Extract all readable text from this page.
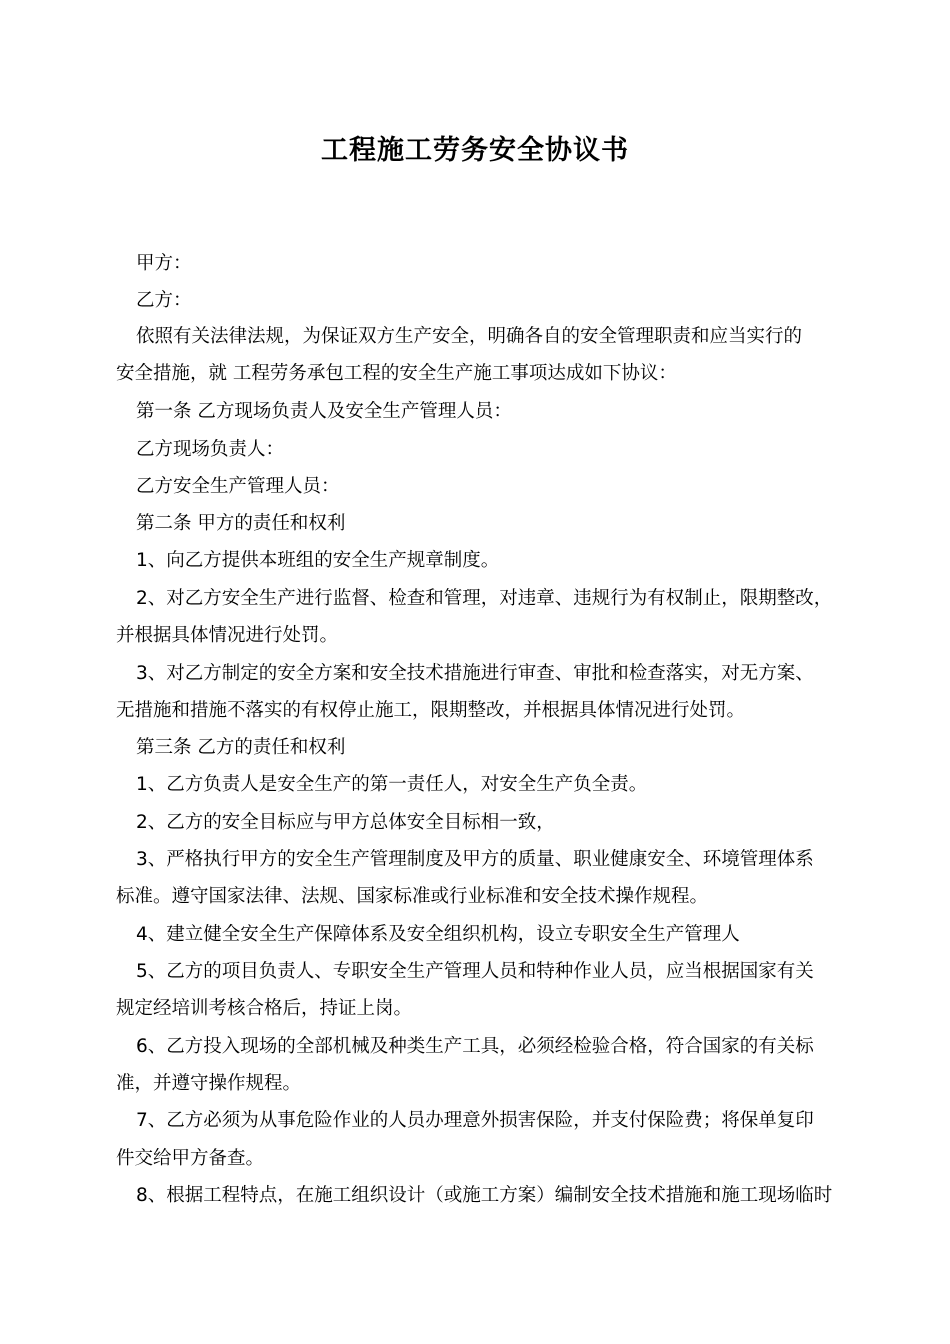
工程施工劳务安全协议书
甲方：
乙方：
依照有关法律法规，为保证双方生产安全，明确各自的安全管理职责和应当实行的
安全措施，就 工程劳务承包工程的安全生产施工事项达成如下协议：
第一条 乙方现场负责人及安全生产管理人员：
乙方现场负责人：
乙方安全生产管理人员：
第二条 甲方的责任和权利
1、向乙方提供本班组的安全生产规章制度。
2、对乙方安全生产进行监督、检查和管理，对违章、违规行为有权制止，限期整改，
并根据具体情况进行处罚。
3、对乙方制定的安全方案和安全技术措施进行审查、审批和检查落实，对无方案、
无措施和措施不落实的有权停止施工，限期整改，并根据具体情况进行处罚。
第三条 乙方的责任和权利
1、乙方负责人是安全生产的第一责任人，对安全生产负全责。
2、乙方的安全目标应与甲方总体安全目标相一致，
3、严格执行甲方的安全生产管理制度及甲方的质量、职业健康安全、环境管理体系
标准。遵守国家法律、法规、国家标准或行业标准和安全技术操作规程。
4、建立健全安全生产保障体系及安全组织机构，设立专职安全生产管理人
5、乙方的项目负责人、专职安全生产管理人员和特种作业人员，应当根据国家有关
规定经培训考核合格后，持证上岗。
6、乙方投入现场的全部机械及种类生产工具，必须经检验合格，符合国家的有关标
准，并遵守操作规程。
7、乙方必须为从事危险作业的人员办理意外损害保险，并支付保险费；将保单复印
件交给甲方备查。
8、根据工程特点，在施工组织设计（或施工方案）编制安全技术措施和施工现场临时
